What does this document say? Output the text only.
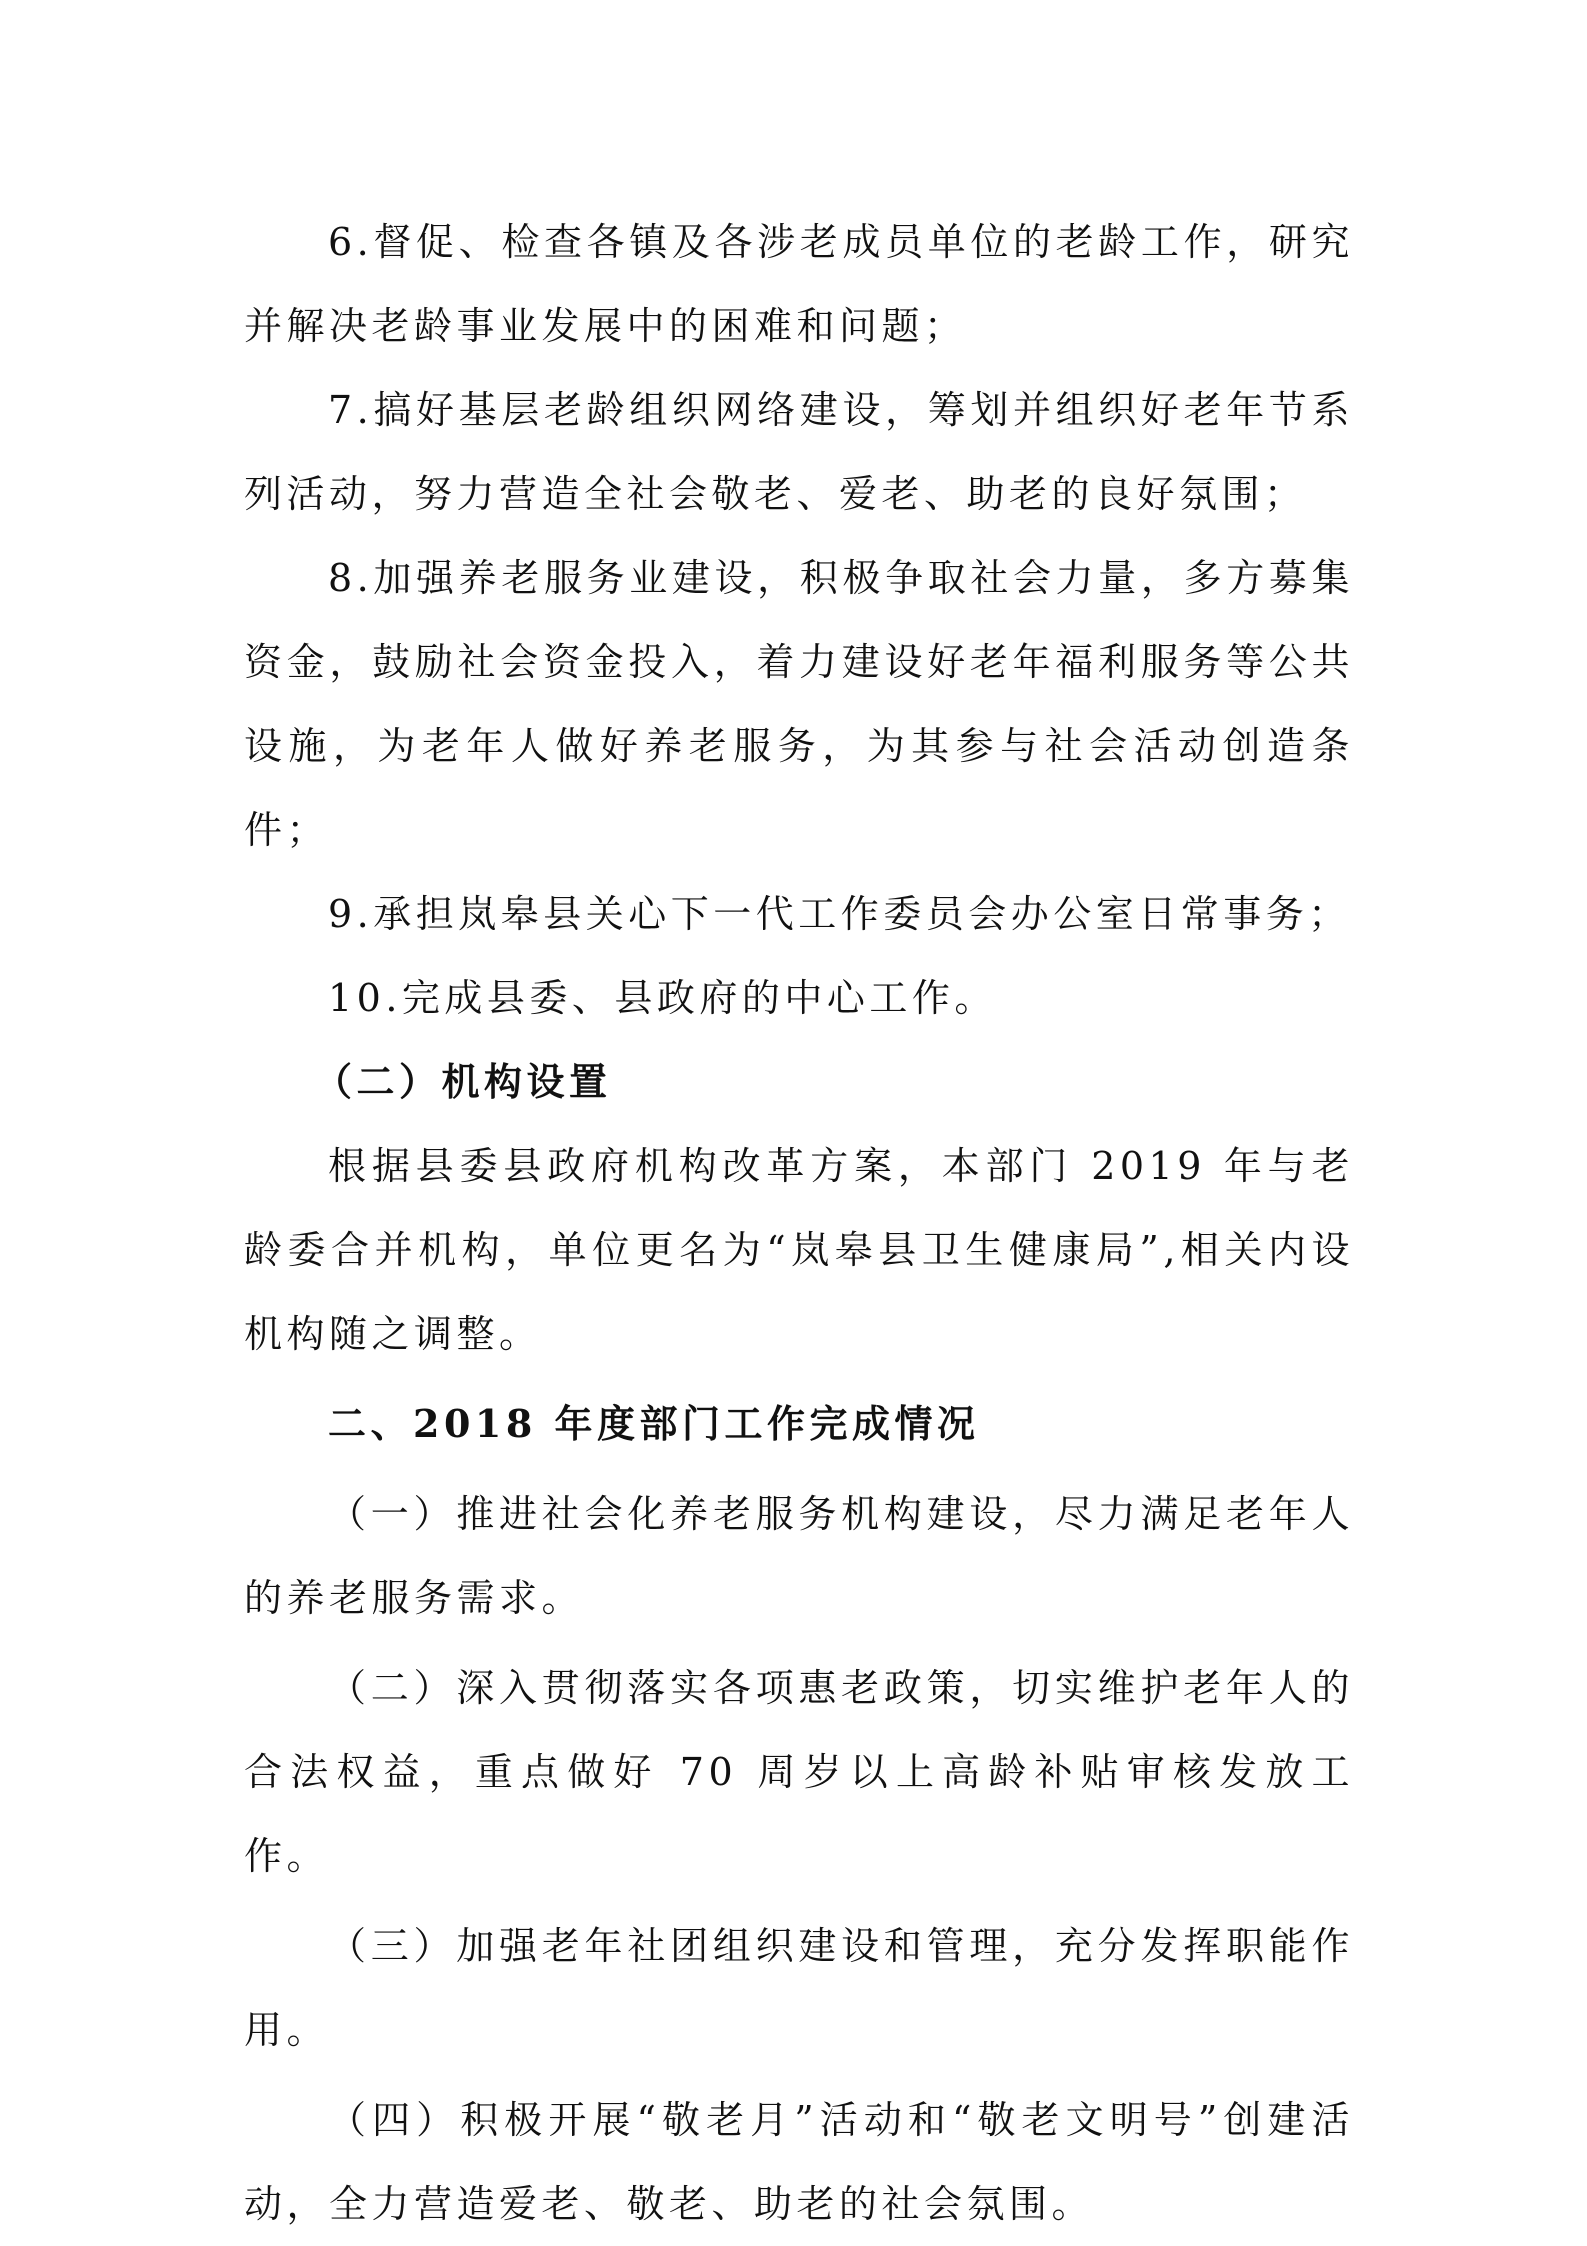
6.督促、检查各镇及各涉老成员单位的老龄工作，研究并解决老龄事业发展中的困难和问题；

7.搞好基层老龄组织网络建设，筹划并组织好老年节系列活动，努力营造全社会敬老、爱老、助老的良好氛围；

8.加强养老服务业建设，积极争取社会力量，多方募集资金，鼓励社会资金投入，着力建设好老年福利服务等公共设施，为老年人做好养老服务，为其参与社会活动创造条件；

9.承担岚皋县关心下一代工作委员会办公室日常事务；

10.完成县委、县政府的中心工作。

（二）机构设置

根据县委县政府机构改革方案，本部门 2019 年与老龄委合并机构，单位更名为“岚皋县卫生健康局”,相关内设机构随之调整。

二、2018 年度部门工作完成情况

（一）推进社会化养老服务机构建设，尽力满足老年人的养老服务需求。

（二）深入贯彻落实各项惠老政策，切实维护老年人的合法权益，重点做好 70 周岁以上高龄补贴审核发放工作。

（三）加强老年社团组织建设和管理，充分发挥职能作用。

（四）积极开展“敬老月”活动和“敬老文明号”创建活动，全力营造爱老、敬老、助老的社会氛围。
